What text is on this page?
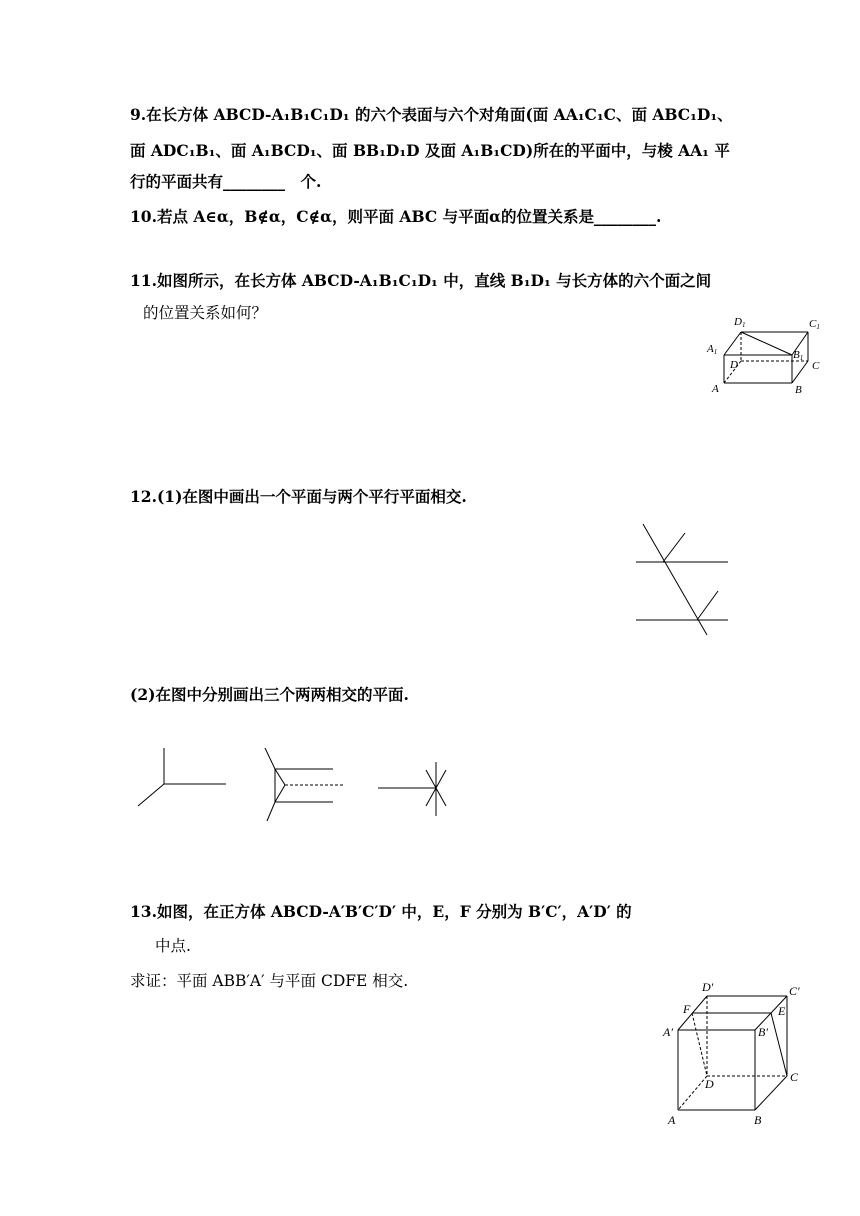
9.在长方体 ABCD-A₁B₁C₁D₁ 的六个表面与六个对角面(面 AA₁C₁C、面 ABC₁D₁、
面 ADC₁B₁、面 A₁BCD₁、面 BB₁D₁D 及面 A₁B₁CD)所在的平面中，与棱 AA₁ 平
行的平面共有________　个.
10.若点 A∈α，B∉α，C∉α，则平面 ABC 与平面α的位置关系是________.
11.如图所示，在长方体 ABCD-A₁B₁C₁D₁ 中，直线 B₁D₁ 与长方体的六个面之间
的位置关系如何？	D1	C1
A1	B1
D	C
A	B
12.(1)在图中画出一个平面与两个平行平面相交.
(2)在图中分别画出三个两两相交的平面.
13.如图，在正方体 ABCD-A′B′C′D′ 中，E，F 分别为 B′C′，A′D′ 的
中点.
求证：平面 ABB′A′ 与平面 CDFE 相交.	D′	C′
F	E
A′	B′
D	C
A	B
